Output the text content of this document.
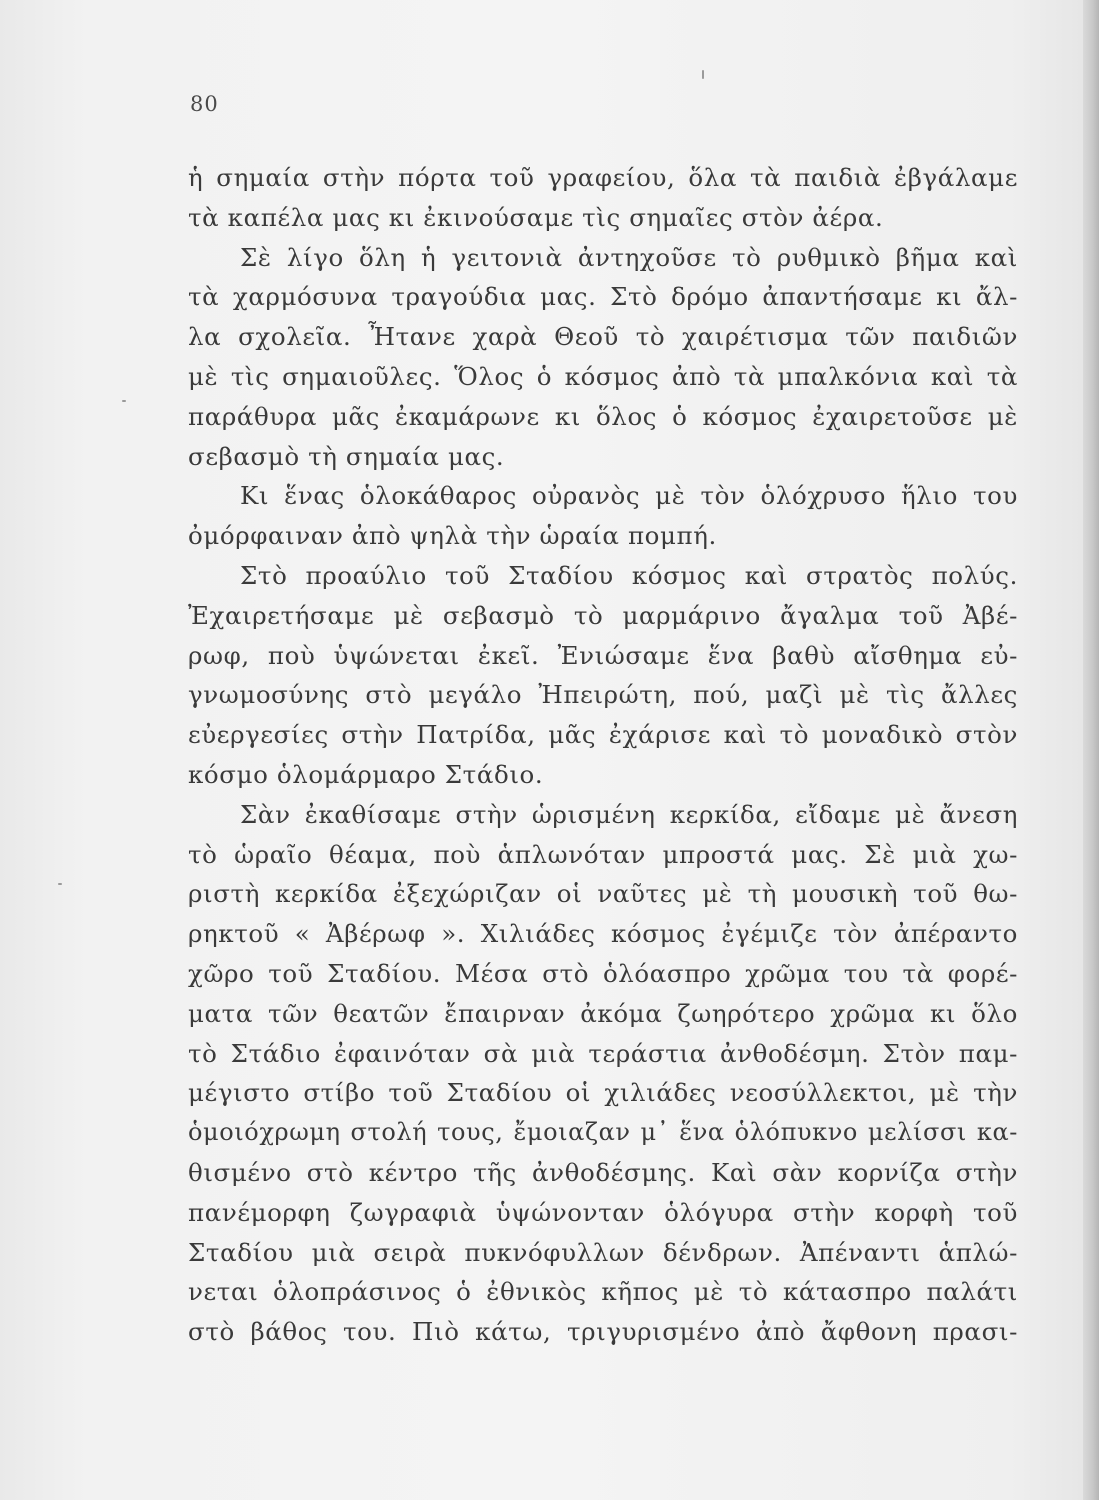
80
ἡ σημαία στὴν πόρτα τοῦ γραφείου, ὅλα τὰ παιδιὰ ἐβγάλαμε
τὰ καπέλα μας κι ἐκινούσαμε τὶς σημαῖες στὸν ἀέρα.
Σὲ λίγο ὅλη ἡ γειτονιὰ ἀντηχοῦσε τὸ ρυθμικὸ βῆμα καὶ
τὰ χαρμόσυνα τραγούδια μας. Στὸ δρόμο ἀπαντήσαμε κι ἄλ-
λα σχολεῖα. Ἦτανε χαρὰ Θεοῦ τὸ χαιρέτισμα τῶν παιδιῶν
μὲ τὶς σημαιοῦλες. Ὅλος ὁ κόσμος ἀπὸ τὰ μπαλκόνια καὶ τὰ
παράθυρα μᾶς ἐκαμάρωνε κι ὅλος ὁ κόσμος ἐχαιρετοῦσε μὲ
σεβασμὸ τὴ σημαία μας.
Κι ἕνας ὁλοκάθαρος οὐρανὸς μὲ τὸν ὁλόχρυσο ἥλιο του
ὀμόρφαιναν ἀπὸ ψηλὰ τὴν ὡραία πομπή.
Στὸ προαύλιο τοῦ Σταδίου κόσμος καὶ στρατὸς πολύς.
Ἐχαιρετήσαμε μὲ σεβασμὸ τὸ μαρμάρινο ἄγαλμα τοῦ Ἀβέ-
ρωφ, ποὺ ὑψώνεται ἐκεῖ. Ἐνιώσαμε ἕνα βαθὺ αἴσθημα εὐ-
γνωμοσύνης στὸ μεγάλο Ἠπειρώτη, πού, μαζὶ μὲ τὶς ἄλλες
εὐεργεσίες στὴν Πατρίδα, μᾶς ἐχάρισε καὶ τὸ μοναδικὸ στὸν
κόσμο ὁλομάρμαρο Στάδιο.
Σὰν ἐκαθίσαμε στὴν ὡρισμένη κερκίδα, εἴδαμε μὲ ἄνεση
τὸ ὡραῖο θέαμα, ποὺ ἁπλωνόταν μπροστά μας. Σὲ μιὰ χω-
ριστὴ κερκίδα ἐξεχώριζαν οἱ ναῦτες μὲ τὴ μουσικὴ τοῦ θω-
ρηκτοῦ « Ἀβέρωφ ». Χιλιάδες κόσμος ἐγέμιζε τὸν ἀπέραντο
χῶρο τοῦ Σταδίου. Μέσα στὸ ὁλόασπρο χρῶμα του τὰ φορέ-
ματα τῶν θεατῶν ἔπαιρναν ἀκόμα ζωηρότερο χρῶμα κι ὅλο
τὸ Στάδιο ἐφαινόταν σὰ μιὰ τεράστια ἀνθοδέσμη. Στὸν παμ-
μέγιστο στίβο τοῦ Σταδίου οἱ χιλιάδες νεοσύλλεκτοι, μὲ τὴν
ὁμοιόχρωμη στολή τους, ἔμοιαζαν μ᾿ ἕνα ὁλόπυκνο μελίσσι κα-
θισμένο στὸ κέντρο τῆς ἀνθοδέσμης. Καὶ σὰν κορνίζα στὴν
πανέμορφη ζωγραφιὰ ὑψώνονταν ὁλόγυρα στὴν κορφὴ τοῦ
Σταδίου μιὰ σειρὰ πυκνόφυλλων δένδρων. Ἀπέναντι ἁπλώ-
νεται ὁλοπράσινος ὁ ἐθνικὸς κῆπος μὲ τὸ κάτασπρο παλάτι
στὸ βάθος του. Πιὸ κάτω, τριγυρισμένο ἀπὸ ἄφθονη πρασι-
